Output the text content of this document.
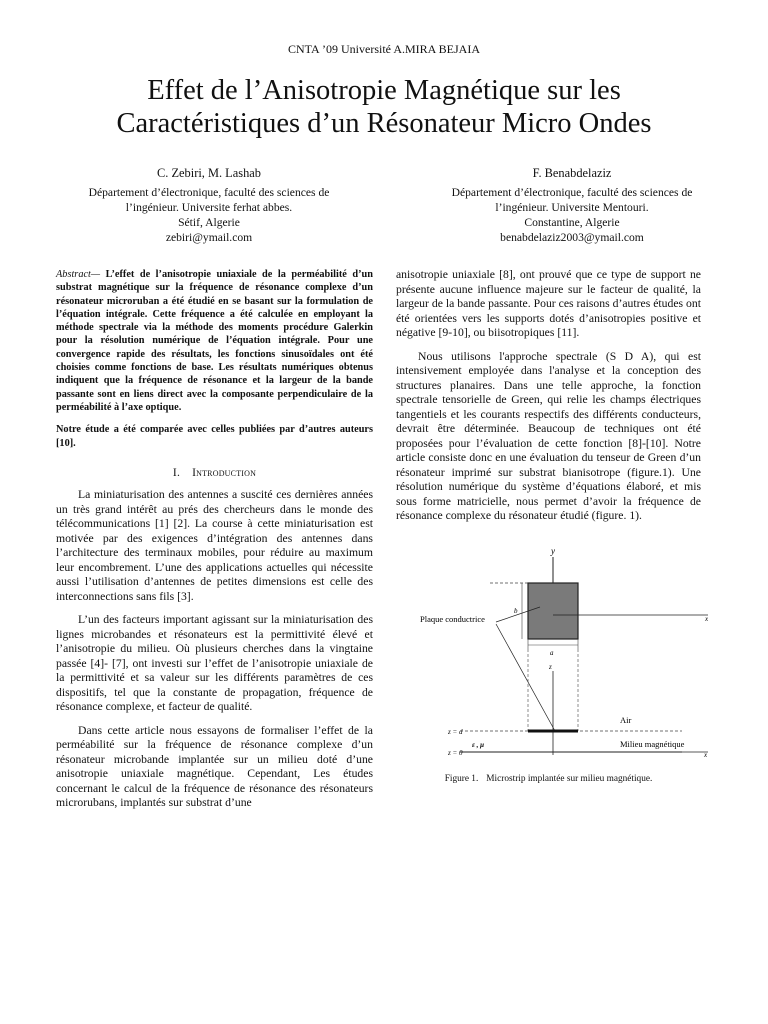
CNTA ’09 Université A.MIRA BEJAIA
Effet de l’Anisotropie Magnétique sur les
Caractéristiques d’un Résonateur Micro Ondes
C. Zebiri, M. Lashab
Département d’électronique, faculté des sciences de
l’ingénieur. Universite ferhat abbes.
Sétif, Algerie
zebiri@ymail.com
F. Benabdelaziz
Département d’électronique, faculté des sciences de
l’ingénieur. Universite Mentouri.
Constantine, Algerie
benabdelaziz2003@ymail.com

Abstract— L’effet de l’anisotropie uniaxiale de la perméabilité d’un substrat magnétique sur la fréquence de résonance complexe d’un résonateur microruban a été étudié en se basant sur la formulation de l’équation intégrale. Cette fréquence a été calculée en employant la méthode spectrale via la méthode des moments procédure Galerkin pour la résolution numérique de l’équation intégrale. Pour une convergence rapide des résultats, les fonctions sinusoïdales ont été choisies comme fonctions de base. Les résultats numériques obtenus indiquent que la fréquence de résonance et la largeur de la bande passante sont en liens direct avec la composante perpendiculaire de la perméabilité à l’axe optique.

Notre étude a été comparée avec celles publiées par d’autres auteurs [10].

I. Introduction

La miniaturisation des antennes a suscité ces dernières années un très grand intérêt au prés des chercheurs dans le monde des télécommunications [1] [2]. La course à cette miniaturisation est motivée par des exigences d’intégration des antennes dans l’architecture des terminaux mobiles, pour réduire au maximum leur encombrement. L’une des applications actuelles qui nécessite aussi l’utilisation d’antennes de petites dimensions est celle des interconnections sans fils [3].

L’un des facteurs important agissant sur la miniaturisation des lignes microbandes et résonateurs est la permittivité élevé et l’anisotropie du milieu. Où plusieurs cherches dans la vingtaine passée [4]- [7], ont investi sur l’effet de l’anisotropie uniaxiale de la permittivité et sa valeur sur les différents paramètres de ces dispositifs, tel que la constante de propagation, fréquence de résonance complexe, et facteur de qualité.

Dans cette article nous essayons de formaliser l’effet de la perméabilité sur la fréquence de résonance complexe d’un résonateur microbande implantée sur un milieu doté d’une anisotropie uniaxiale magnétique. Cependant, Les études concernant le calcul de la fréquence de résonance des résonateurs microrubans, implantés sur substrat d’une

anisotropie uniaxiale [8], ont prouvé que ce type de support ne présente aucune influence majeure sur le facteur de qualité, la largeur de la bande passante. Pour ces raisons d’autres études ont été orientées vers les supports dotés d’anisotropies positive et négative [9-10], ou biisotropiques [11].

Nous utilisons l'approche spectrale (S D A), qui est intensivement employée dans l'analyse et la conception des structures planaires. Dans une telle approche, la fonction spectrale tensorielle de Green, qui relie les champs électriques tangentiels et les courants respectifs des différents conducteurs, devrait être déterminée. Beaucoup de techniques ont été proposées pour l’évaluation de cette fonction [8]-[10]. Notre article consiste donc en une évaluation du tenseur de Green d’un résonateur imprimé sur substrat bianisotrope (figure.1). Une résolution numérique du système d’équations élaboré, et mis sous forme matricielle, nous permet d’avoir la fréquence de résonance complexe du résonateur étudié (figure. 1).

y
x
b
a
Plaque conductrice
z
z = d
Air
x
z = 0
ε , μ	Milieu magnétique
Figure 1. Microstrip implantée sur milieu magnétique.
